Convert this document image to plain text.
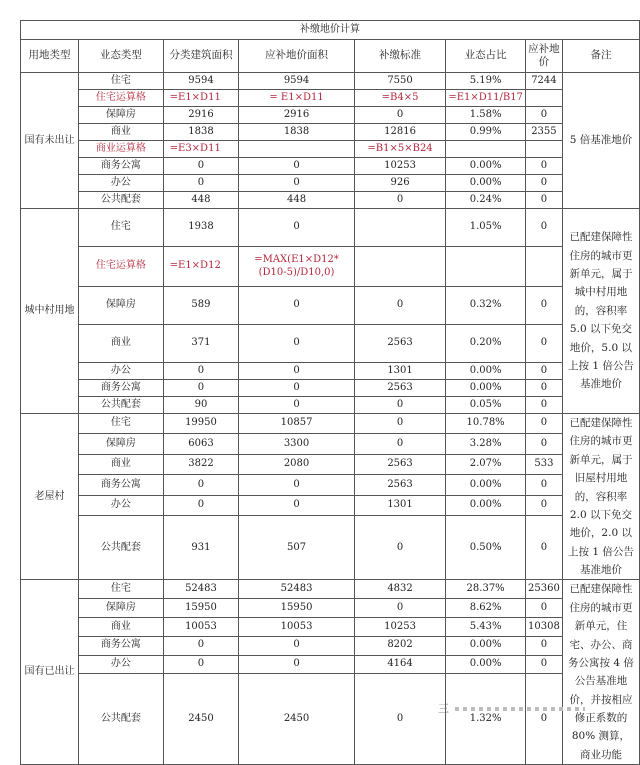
补缴地价计算							
用地类型	业态类型	分类建筑面积	应补地价面积	补缴标准	业态占比	应补地价	备注
国有未出让	住宅	9594	9594	7550	5.19%	7244	5 倍基准地价
	住宅运算格	=E1×D11	= E1×D11	=B4×5	=E1×D11/B17		
	保障房	2916	2916	0	1.58%	0	
	商业	1838	1838	12816	0.99%	2355	
	商业运算格	=E3×D11		=B1×5×B24			
	商务公寓	0	0	10253	0.00%	0	
	办公	0	0	926	0.00%	0	
	公共配套	448	448	0	0.24%	0	
城中村用地	住宅	1938	0		1.05%	0	已配建保障性住房的城市更新单元，属于城中村用地的，容积率 5.0 以下免交地价，5.0 以上按 1 倍公告基准地价
	住宅运算格	=E1×D12	=MAX(E1×D12*(D10-5)/D10,0)				
	保障房	589	0	0	0.32%	0	
	商业	371	0	2563	0.20%	0	
	办公	0	0	1301	0.00%	0	
	商务公寓	0	0	2563	0.00%	0	
	公共配套	90	0	0	0.05%	0	
老屋村	住宅	19950	10857	0	10.78%	0	已配建保障性住房的城市更新单元，属于旧屋村用地的，容积率 2.0 以下免交地价，2.0 以上按 1 倍公告基准地价
	保障房	6063	3300	0	3.28%	0	
	商业	3822	2080	2563	2.07%	533	
	商务公寓	0	0	2563	0.00%	0	
	办公	0	0	1301	0.00%	0	
	公共配套	931	507	0	0.50%	0	
国有已出让	住宅	52483	52483	4832	28.37%	25360	已配建保障性住房的城市更新单元，住宅、办公、商务公寓按 4 倍公告基准地价，并按相应修正系数的 80% 测算，商业功能
	保障房	15950	15950	0	8.62%	0	
	商业	10053	10053	10253	5.43%	10308	
	商务公寓	0	0	8202	0.00%	0	
	办公	0	0	4164	0.00%	0	
	公共配套	2450	2450	0	1.32%	0	
三
